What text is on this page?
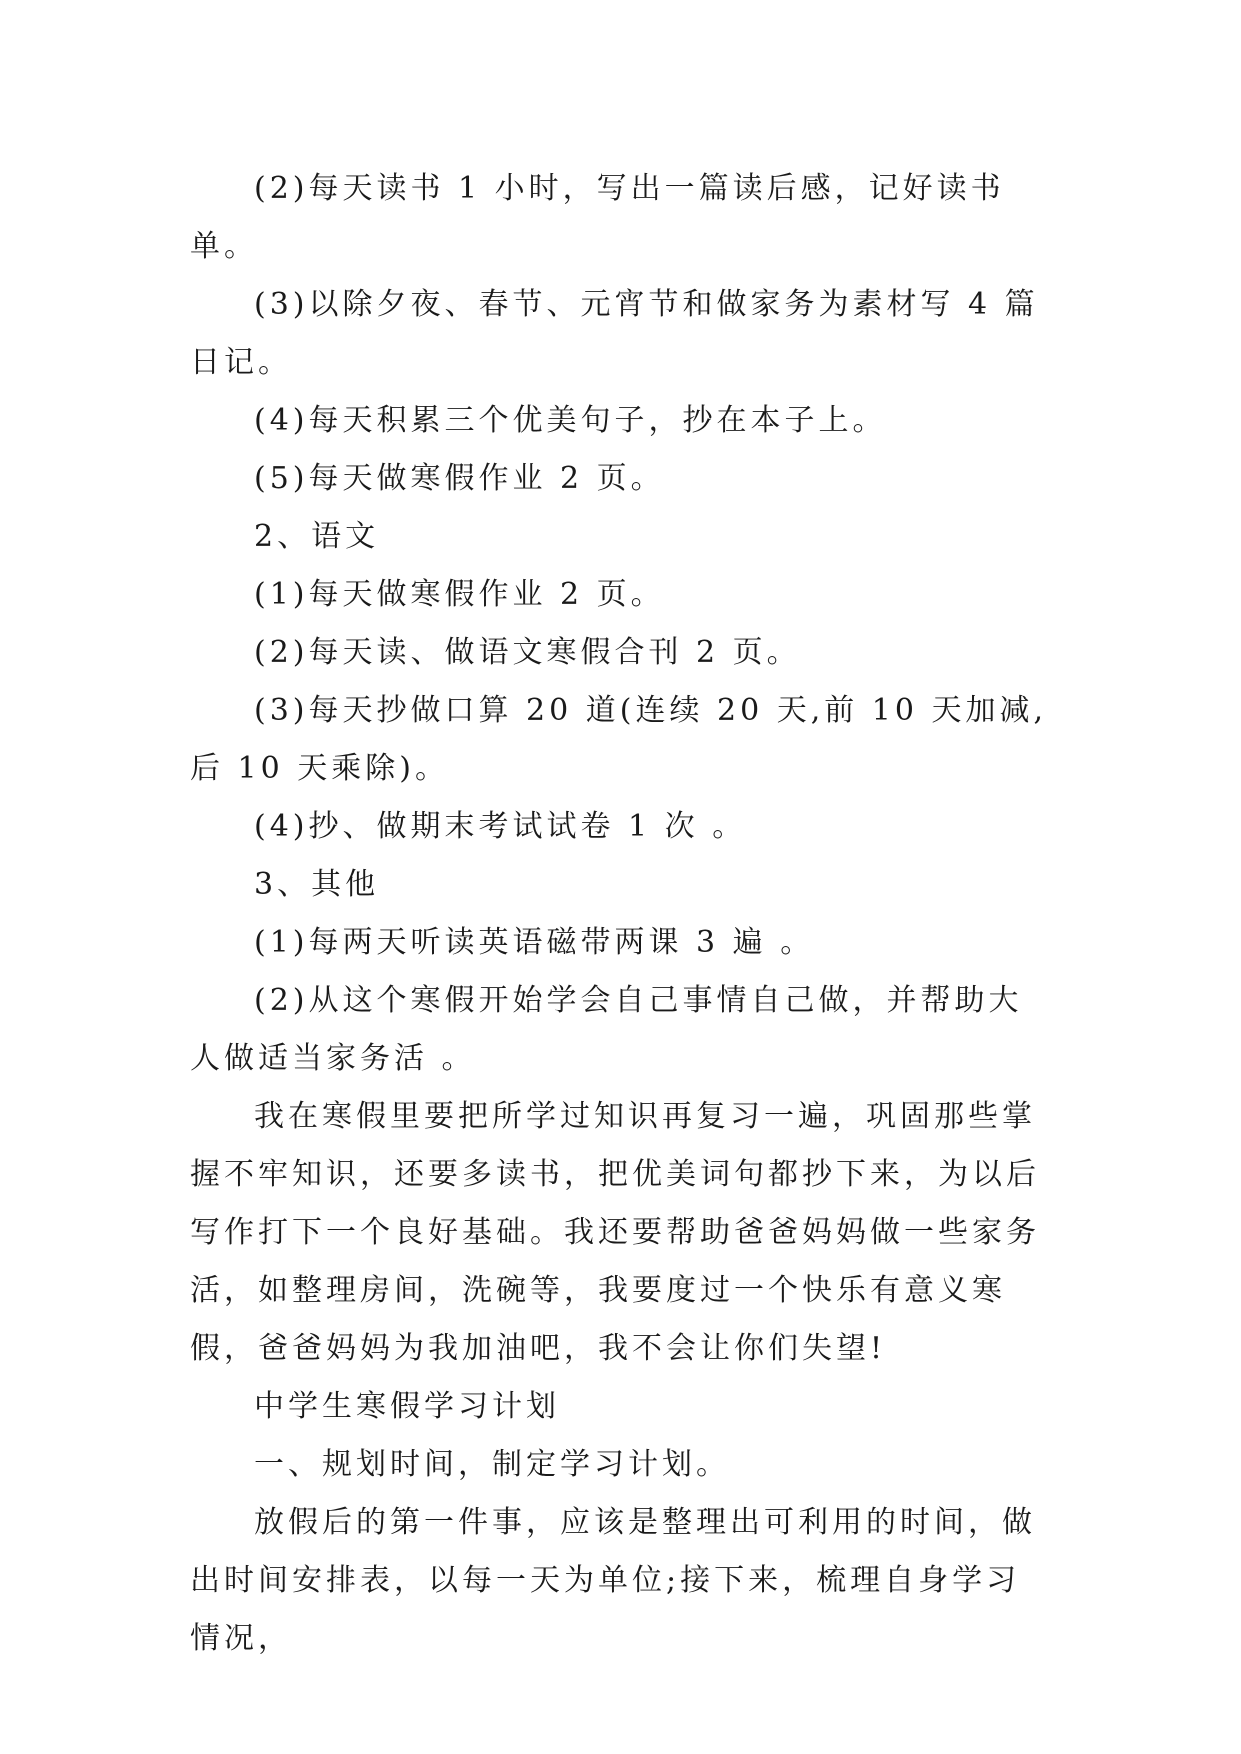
(2)每天读书 1 小时，写出一篇读后感，记好读书单。

(3)以除夕夜、春节、元宵节和做家务为素材写 4 篇日记。

(4)每天积累三个优美句子，抄在本子上。

(5)每天做寒假作业 2 页。

2、语文

(1)每天做寒假作业 2 页。

(2)每天读、做语文寒假合刊 2 页。

(3)每天抄做口算 20 道(连续 20 天,前 10 天加减,后 10 天乘除)。

(4)抄、做期末考试试卷 1 次 。

3、其他

(1)每两天听读英语磁带两课 3 遍 。

(2)从这个寒假开始学会自己事情自己做，并帮助大人做适当家务活 。

我在寒假里要把所学过知识再复习一遍，巩固那些掌握不牢知识，还要多读书，把优美词句都抄下来，为以后写作打下一个良好基础。我还要帮助爸爸妈妈做一些家务活，如整理房间，洗碗等，我要度过一个快乐有意义寒假，爸爸妈妈为我加油吧，我不会让你们失望!

中学生寒假学习计划

一、规划时间，制定学习计划。

放假后的第一件事，应该是整理出可利用的时间，做出时间安排表，以每一天为单位;接下来，梳理自身学习情况，
